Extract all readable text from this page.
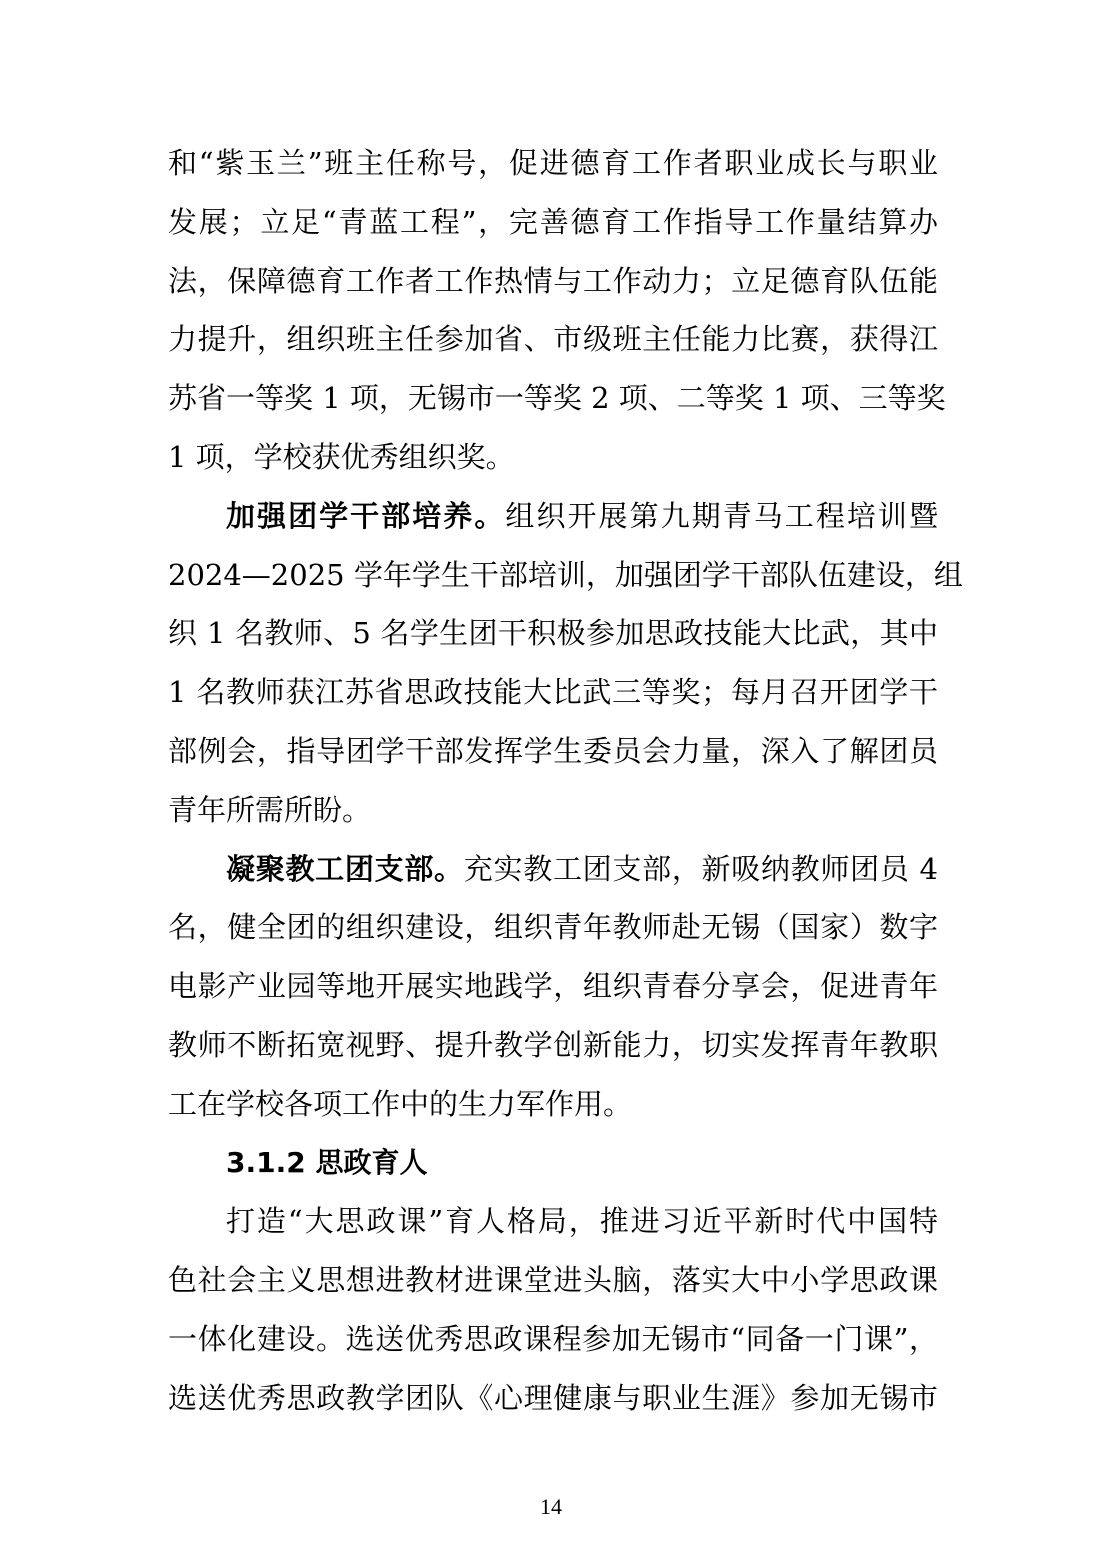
和“紫玉兰”班主任称号，促进德育工作者职业成长与职业
发展；立足“青蓝工程”，完善德育工作指导工作量结算办
法，保障德育工作者工作热情与工作动力；立足德育队伍能
力提升，组织班主任参加省、市级班主任能力比赛，获得江
苏省一等奖 1 项，无锡市一等奖 2 项、二等奖 1 项、三等奖
1 项，学校获优秀组织奖。
加强团学干部培养。组织开展第九期青马工程培训暨
2024—2025 学年学生干部培训，加强团学干部队伍建设，组
织 1 名教师、5 名学生团干积极参加思政技能大比武，其中
1 名教师获江苏省思政技能大比武三等奖；每月召开团学干
部例会，指导团学干部发挥学生委员会力量，深入了解团员
青年所需所盼。
凝聚教工团支部。充实教工团支部，新吸纳教师团员 4
名，健全团的组织建设，组织青年教师赴无锡（国家）数字
电影产业园等地开展实地践学，组织青春分享会，促进青年
教师不断拓宽视野、提升教学创新能力，切实发挥青年教职
工在学校各项工作中的生力军作用。
3.1.2 思政育人
打造“大思政课”育人格局，推进习近平新时代中国特
色社会主义思想进教材进课堂进头脑，落实大中小学思政课
一体化建设。选送优秀思政课程参加无锡市“同备一门课”，
选送优秀思政教学团队《心理健康与职业生涯》参加无锡市
14
